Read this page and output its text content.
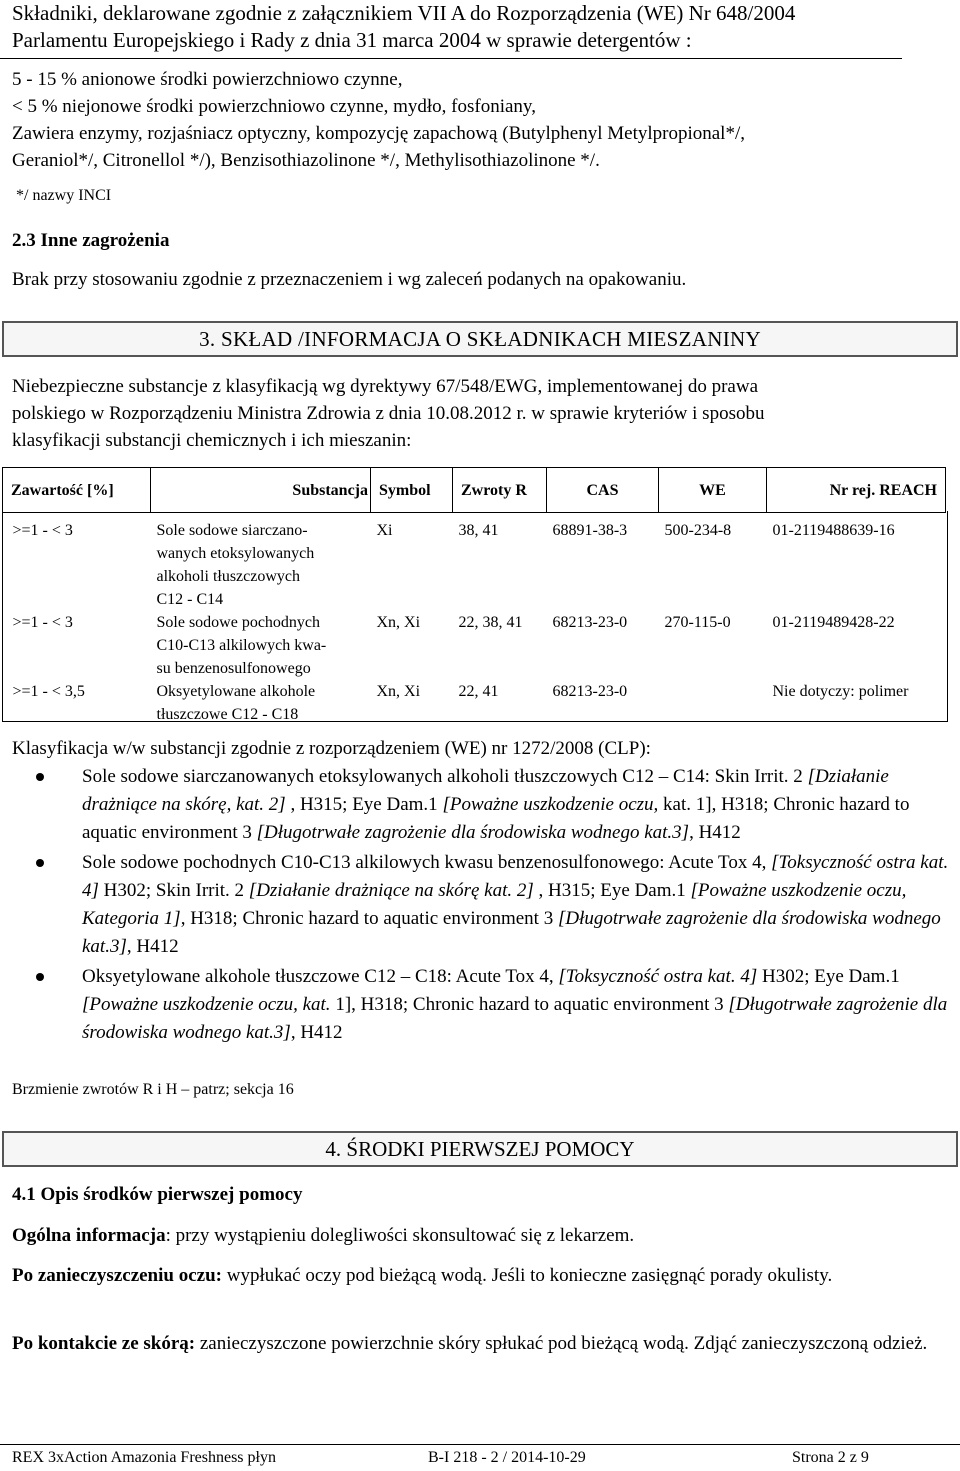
Składniki, deklarowane zgodnie z załącznikiem VII A do Rozporządzenia (WE) Nr 648/2004
Parlamentu Europejskiego i Rady z dnia 31 marca 2004 w sprawie detergentów :
5 - 15 % anionowe środki powierzchniowo czynne,
< 5 % niejonowe środki powierzchniowo czynne, mydło, fosfoniany,
Zawiera enzymy, rozjaśniacz optyczny, kompozycję zapachową (Butylphenyl Metylpropional*/,
Geraniol*/, Citronellol */), Benzisothiazolinone */, Methylisothiazolinone */.
*/ nazwy INCI
2.3 Inne zagrożenia
Brak przy stosowaniu zgodnie z przeznaczeniem i wg zaleceń podanych na opakowaniu.
3. SKŁAD /INFORMACJA O SKŁADNIKACH MIESZANINY
Niebezpieczne substancje z klasyfikacją wg dyrektywy 67/548/EWG, implementowanej do prawa
polskiego w Rozporządzeniu Ministra Zdrowia z dnia 10.08.2012 r. w sprawie kryteriów i sposobu
klasyfikacji substancji chemicznych i ich mieszanin:
Zawartość [%]	Substancja	Symbol	Zwroty R	CAS	WE	Nr rej. REACH

>=1 - < 3	Sole sodowe siarczano-
wanych etoksylowanych
alkoholi tłuszczowych
C12 - C14	Xi	38, 41	68891-38-3	500-234-8	01-2119488639-16
>=1 - < 3	Sole sodowe pochodnych
C10-C13 alkilowych kwa-
su benzenosulfonowego	Xn, Xi	22, 38, 41	68213-23-0	270-115-0	01-2119489428-22
>=1 - < 3,5	Oksyetylowane alkohole
tłuszczowe C12 - C18	Xn, Xi	22, 41	68213-23-0		Nie dotyczy: polimer
Klasyfikacja w/w substancji zgodnie z rozporządzeniem (WE) nr 1272/2008 (CLP):
Sole sodowe siarczanowanych etoksylowanych alkoholi tłuszczowych C12 – C14: Skin Irrit. 2 [Działanie drażniące na skórę, kat. 2] , H315; Eye Dam.1 [Poważne uszkodzenie oczu, kat. 1], H318; Chronic hazard to aquatic environment 3 [Długotrwałe zagrożenie dla środowiska wodnego kat.3], H412
Sole sodowe pochodnych C10-C13 alkilowych kwasu benzenosulfonowego: Acute Tox 4, [Toksyczność ostra kat. 4] H302; Skin Irrit. 2 [Działanie drażniące na skórę kat. 2] , H315; Eye Dam.1 [Poważne uszkodzenie oczu, Kategoria 1], H318; Chronic hazard to aquatic environment 3 [Długotrwałe zagrożenie dla środowiska wodnego kat.3], H412
Oksyetylowane alkohole tłuszczowe C12 – C18: Acute Tox 4, [Toksyczność ostra kat. 4] H302; Eye Dam.1 [Poważne uszkodzenie oczu, kat. 1], H318; Chronic hazard to aquatic environment 3 [Długotrwałe zagrożenie dla środowiska wodnego kat.3], H412
Brzmienie zwrotów R i H – patrz; sekcja 16
4. ŚRODKI PIERWSZEJ POMOCY
4.1 Opis środków pierwszej pomocy
Ogólna informacja: przy wystąpieniu dolegliwości skonsultować się z lekarzem.
Po zanieczyszczeniu oczu: wypłukać oczy pod bieżącą wodą. Jeśli to konieczne zasięgnąć porady okulisty.
Po kontakcie ze skórą: zanieczyszczone powierzchnie skóry spłukać pod bieżącą wodą. Zdjąć zanieczyszczoną odzież.
REX 3xAction Amazonia Freshness płyn	B-I 218 - 2 / 2014-10-29	Strona 2 z 9
